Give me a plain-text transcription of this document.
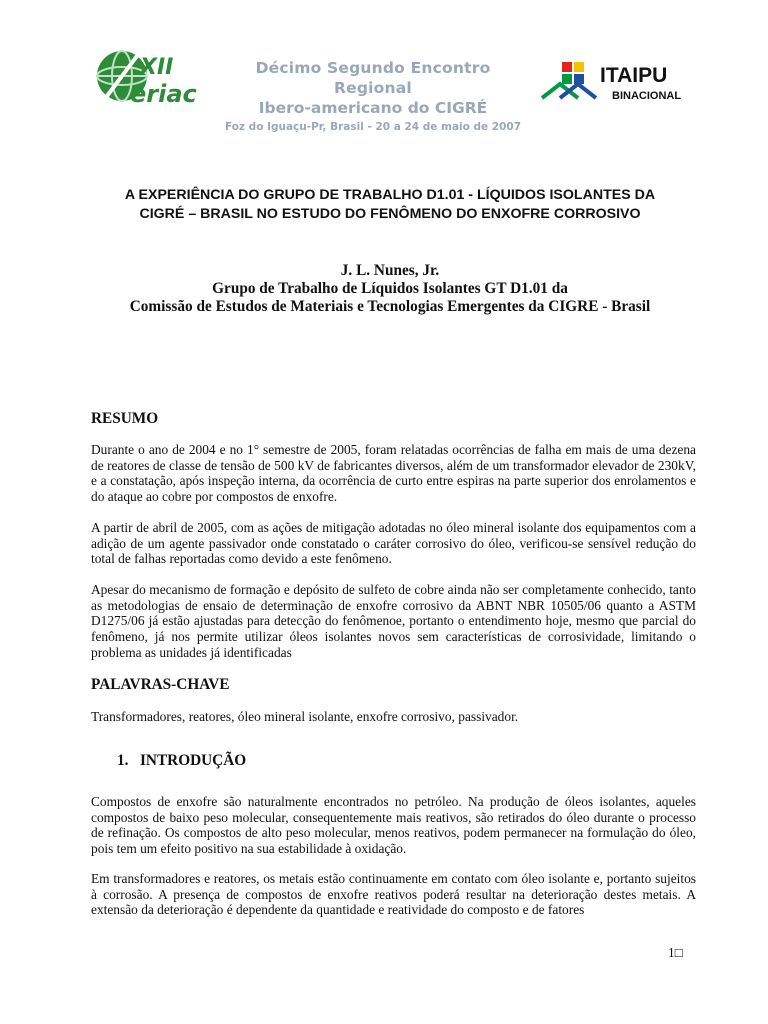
XII
eriac
Décimo Segundo Encontro Regional
Ibero-americano do CIGRÉ
Foz do Iguaçu-Pr, Brasil - 20 a 24 de maio de 2007
ITAIPU
BINACIONAL
A EXPERIÊNCIA DO GRUPO DE TRABALHO D1.01 - LÍQUIDOS ISOLANTES DA
CIGRÉ – BRASIL NO ESTUDO DO FENÔMENO DO ENXOFRE CORROSIVO
J. L. Nunes, Jr.
Grupo de Trabalho de Líquidos Isolantes GT D1.01 da
Comissão de Estudos de Materiais e Tecnologias Emergentes da CIGRE - Brasil
RESUMO

Durante o ano de 2004 e no 1° semestre de 2005, foram relatadas ocorrências de falha em mais de uma dezena de reatores de classe de tensão de 500 kV de fabricantes diversos, além de um transformador elevador de 230kV, e a constatação, após inspeção interna, da ocorrência de curto entre espiras na parte superior dos enrolamentos e do ataque ao cobre por compostos de enxofre.

A partir de abril de 2005, com as ações de mitigação adotadas no óleo mineral isolante dos equipamentos com a adição de um agente passivador onde constatado o caráter corrosivo do óleo, verificou-se sensível redução do total de falhas reportadas como devido a este fenômeno.

Apesar do mecanismo de formação e depósito de sulfeto de cobre ainda não ser completamente conhecido, tanto as metodologias de ensaio de determinação de enxofre corrosivo da ABNT NBR 10505/06 quanto a ASTM D1275/06 já estão ajustadas para detecção do fenômenoe, portanto o entendimento hoje, mesmo que parcial do fenômeno, já nos permite utilizar óleos isolantes novos sem características de corrosividade, limitando o problema as unidades já identificadas

PALAVRAS-CHAVE

Transformadores, reatores, óleo mineral isolante, enxofre corrosivo, passivador.

1.   INTRODUÇÃO

Compostos de enxofre são naturalmente encontrados no petróleo. Na produção de óleos isolantes, aqueles compostos de baixo peso molecular, consequentemente mais reativos, são retirados do óleo durante o processo de refinação. Os compostos de alto peso molecular, menos reativos, podem permanecer na formulação do óleo, pois tem um efeito positivo na sua estabilidade à oxidação.

Em transformadores e reatores, os metais estão continuamente em contato com óleo isolante e, portanto sujeitos à corrosão. A presença de compostos de enxofre reativos poderá resultar na deterioração destes metais. A extensão da deterioração é dependente da quantidade e reatividade do composto e de fatores

1□
